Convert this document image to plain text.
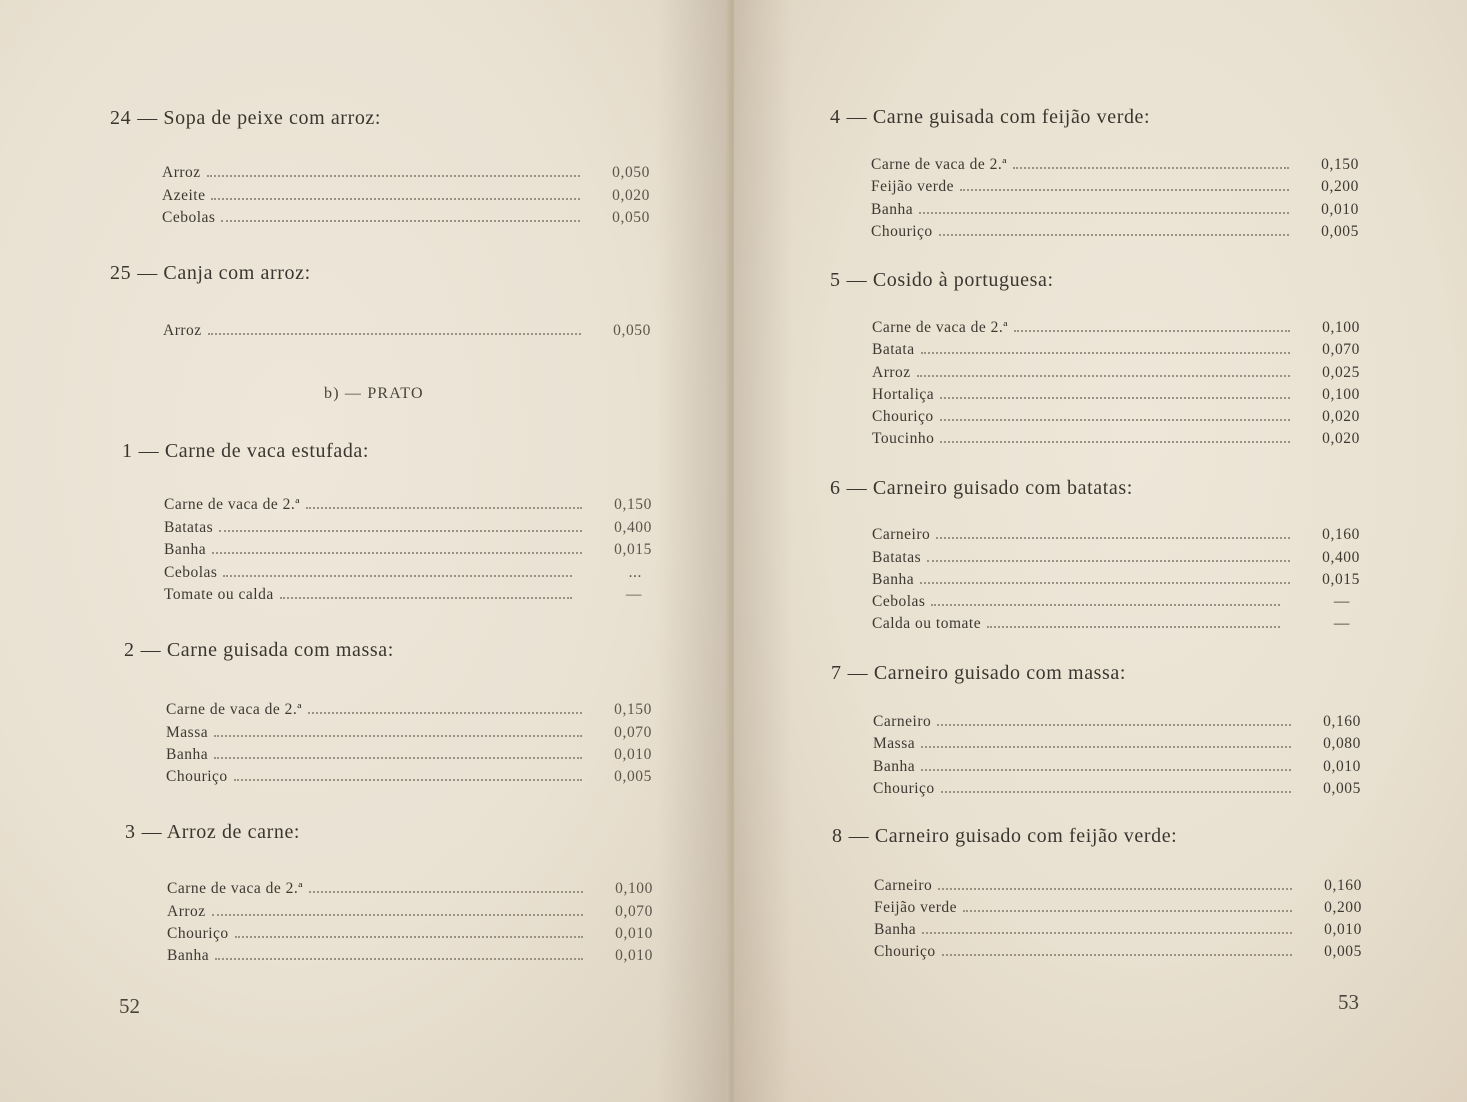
24 — Sopa de peixe com arroz:
Arroz	0,050
Azeite	0,020
Cebolas	0,050
25 — Canja com arroz:
Arroz	0,050
b) — PRATO
1 — Carne de vaca estufada:
Carne de vaca de 2.ª	0,150
Batatas	0,400
Banha	0,015
Cebolas	...
Tomate ou calda	—
2 — Carne guisada com massa:
Carne de vaca de 2.ª	0,150
Massa	0,070
Banha	0,010
Chouriço	0,005
3 — Arroz de carne:
Carne de vaca de 2.ª	0,100
Arroz	0,070
Chouriço	0,010
Banha	0,010
52
4 — Carne guisada com feijão verde:
Carne de vaca de 2.ª	0,150
Feijão verde	0,200
Banha	0,010
Chouriço	0,005
5 — Cosido à portuguesa:
Carne de vaca de 2.ª	0,100
Batata	0,070
Arroz	0,025
Hortaliça	0,100
Chouriço	0,020
Toucinho	0,020
6 — Carneiro guisado com batatas:
Carneiro	0,160
Batatas	0,400
Banha	0,015
Cebolas	—
Calda ou tomate	—
7 — Carneiro guisado com massa:
Carneiro	0,160
Massa	0,080
Banha	0,010
Chouriço	0,005
8 — Carneiro guisado com feijão verde:
Carneiro	0,160
Feijão verde	0,200
Banha	0,010
Chouriço	0,005
53
